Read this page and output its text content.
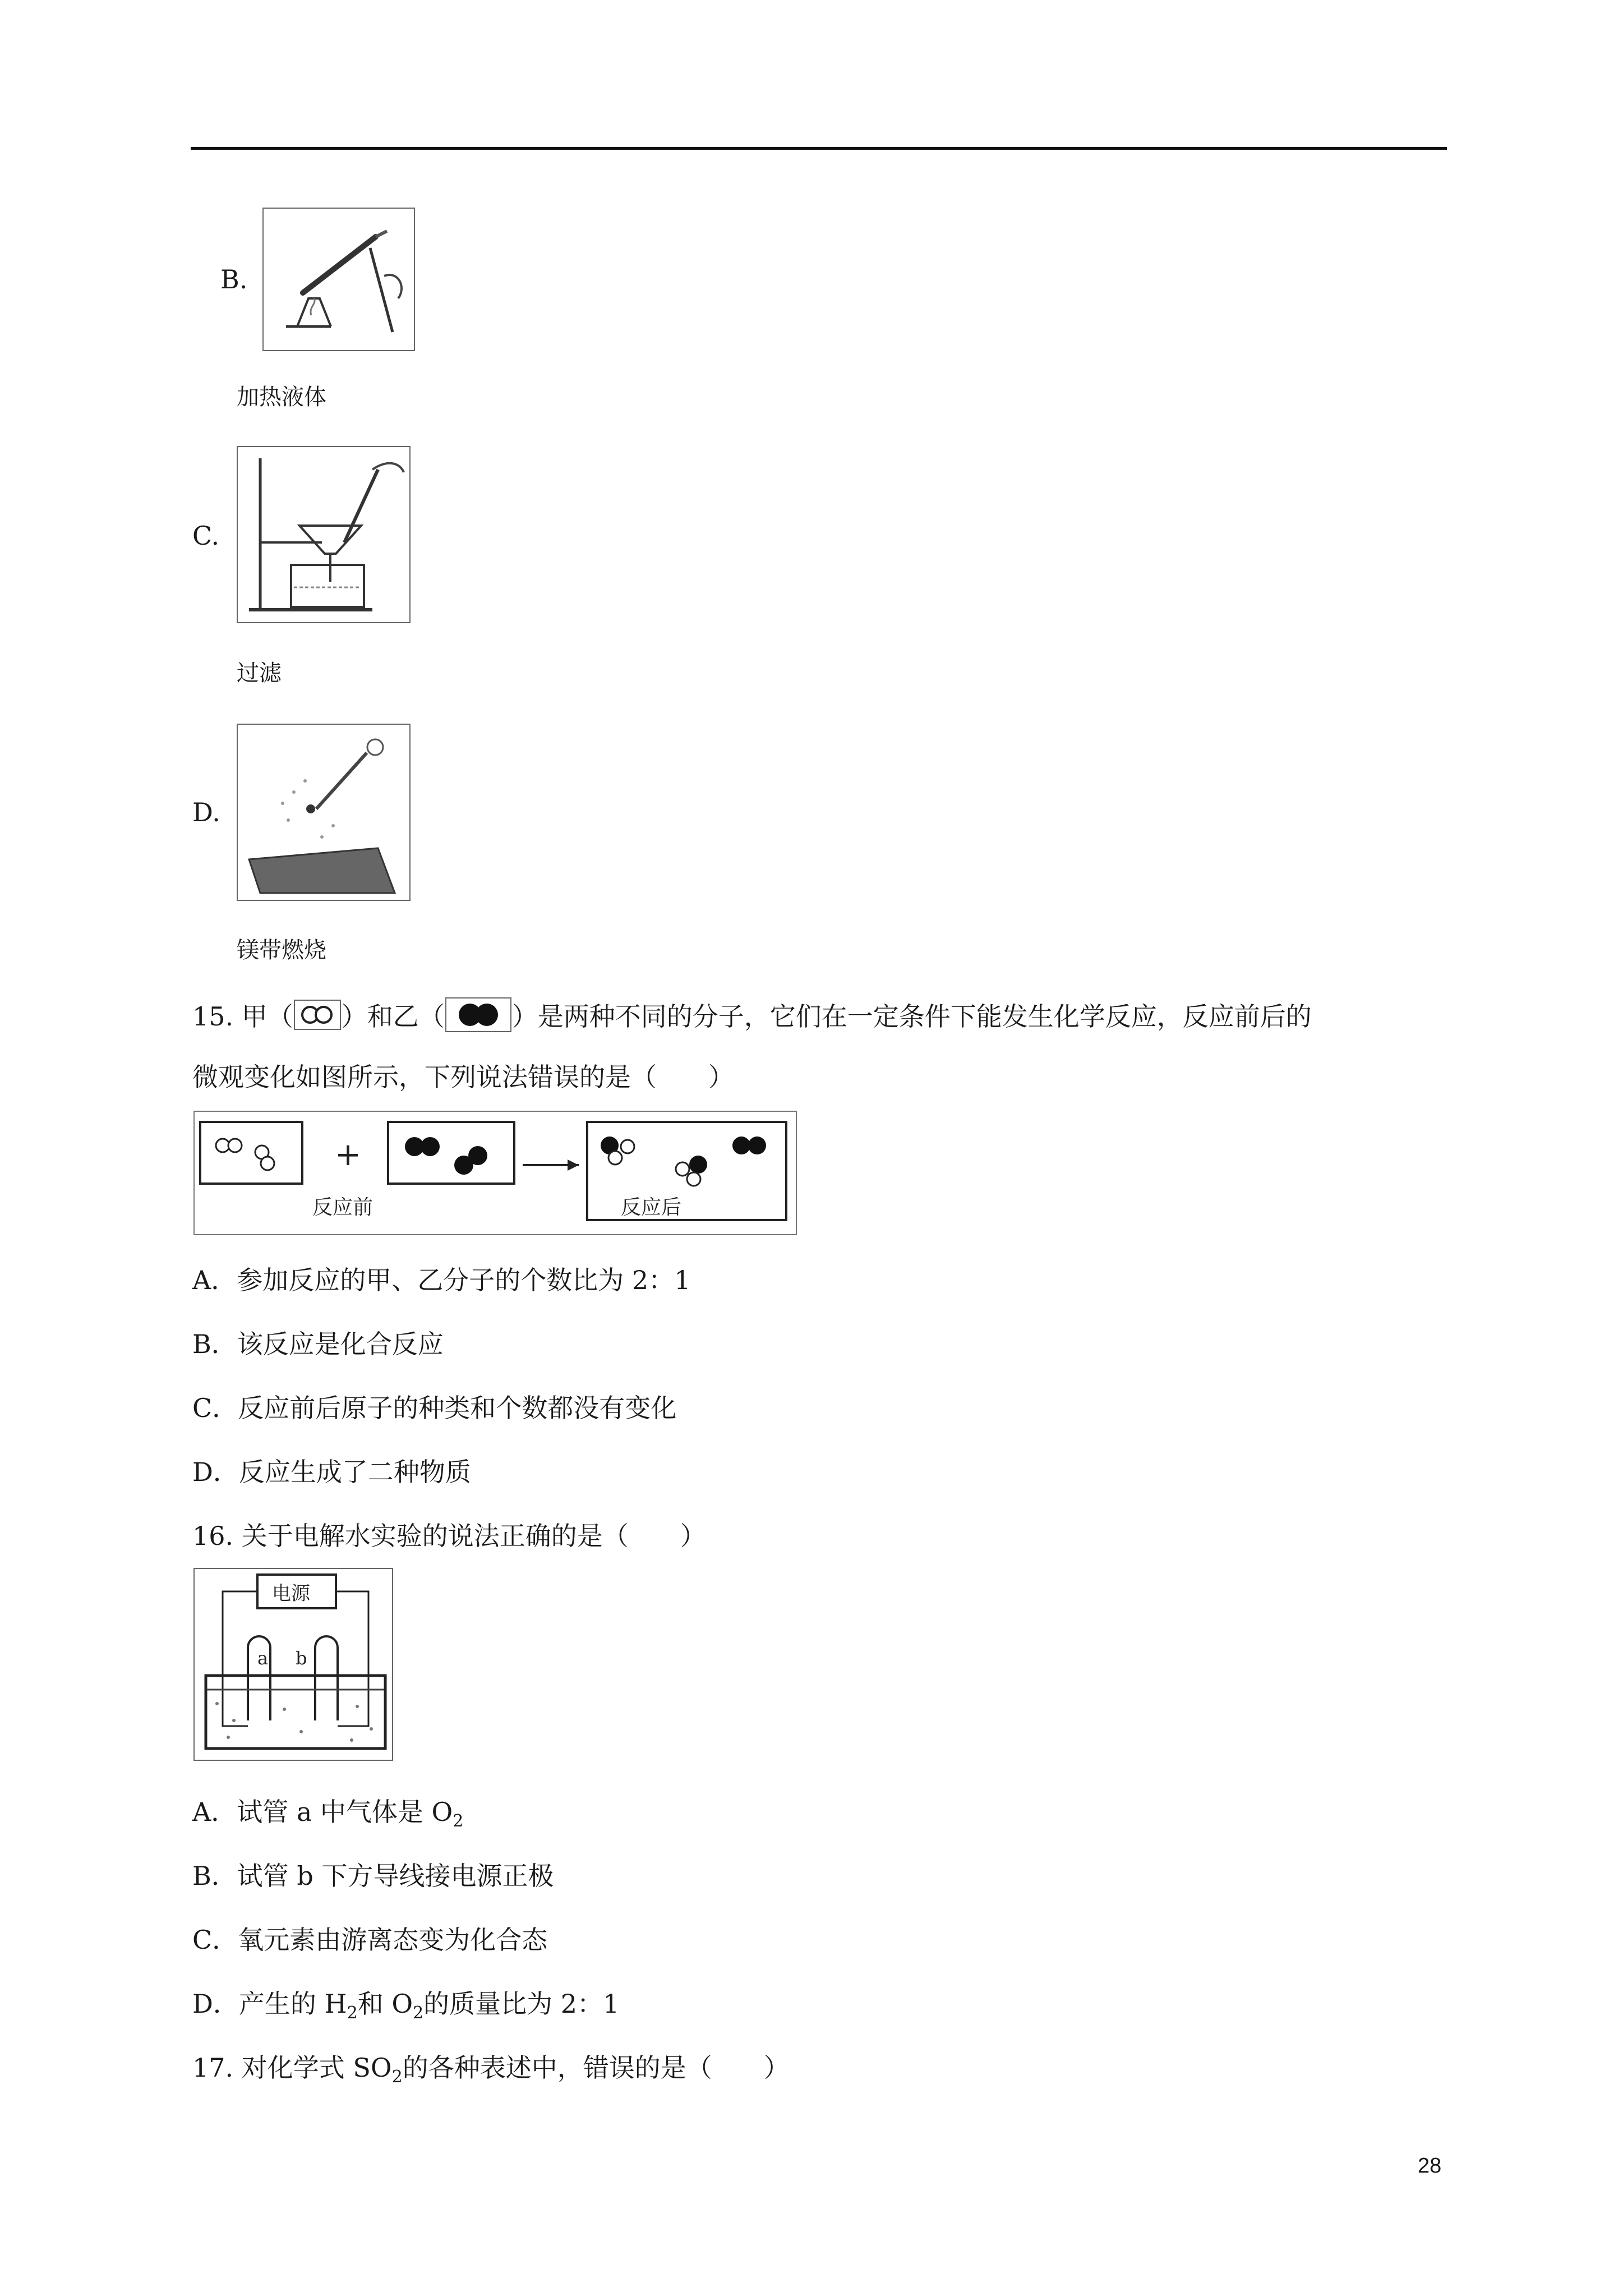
B.
加热液体
C.
过滤
D.
镁带燃烧
15. 甲（ ）和乙（	）是两种不同的分子，它们在一定条件下能发生化学反应，反应前后的
微观变化如图所示，下列说法错误的是（　　）
+
反应前	反应后
A．参加反应的甲、乙分子的个数比为 2：1
B．该反应是化合反应
C．反应前后原子的种类和个数都没有变化
D．反应生成了二种物质
16. 关于电解水实验的说法正确的是（　　）
电源
a b
A．试管 a 中气体是 $O_2$
B．试管 b 下方导线接电源正极
C．氧元素由游离态变为化合态
D．产生的 $H_2$和 $O_2$的质量比为 2：1
17. 对化学式 $SO_2$的各种表述中，错误的是（　　）
28
